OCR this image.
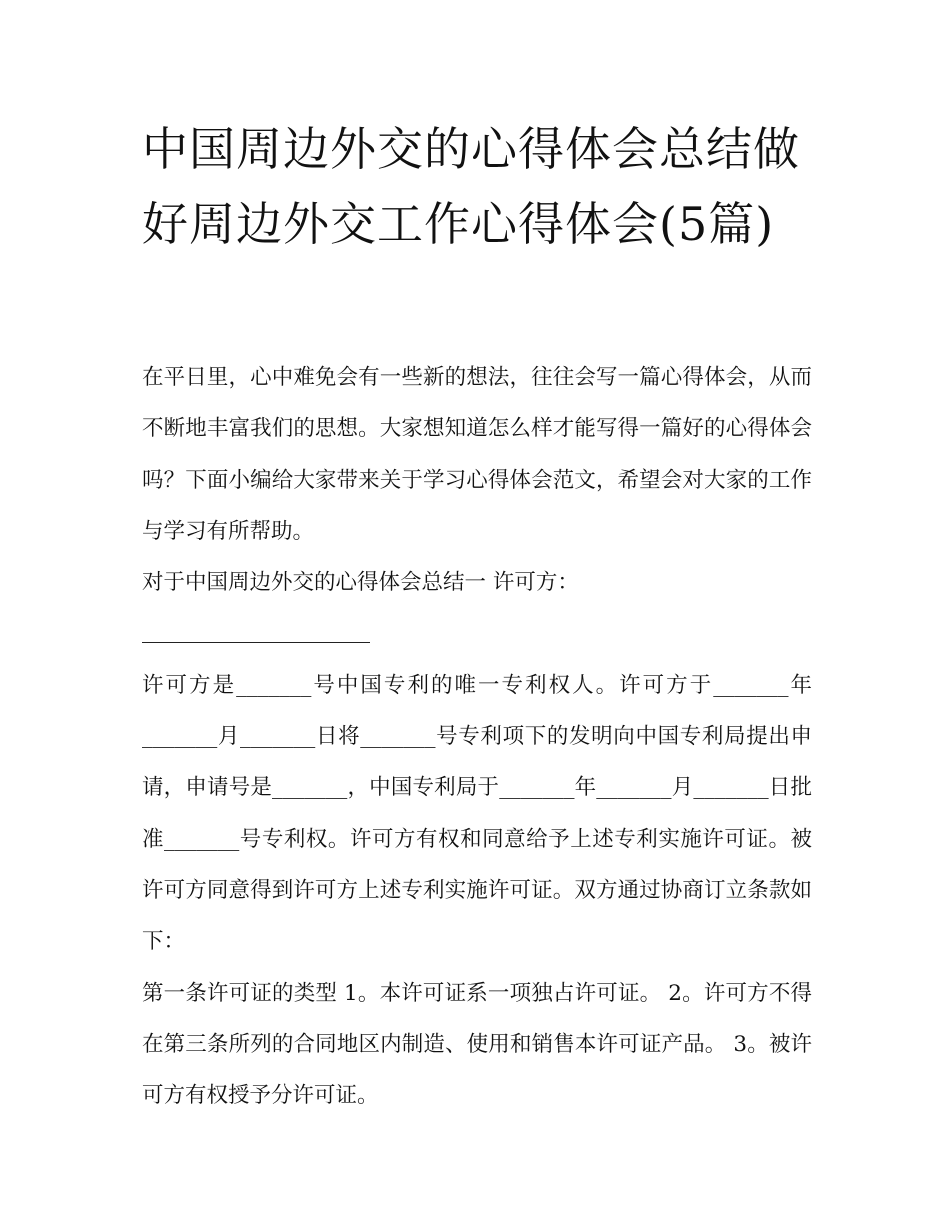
中国周边外交的心得体会总结做好周边外交工作心得体会(5篇)

在平日里，心中难免会有一些新的想法，往往会写一篇心得体会，从而不断地丰富我们的思想。大家想知道怎么样才能写得一篇好的心得体会吗？下面小编给大家带来关于学习心得体会范文，希望会对大家的工作与学习有所帮助。

对于中国周边外交的心得体会总结一 许可方：

许可方是_______号中国专利的唯一专利权人。许可方于_______年_______月_______日将_______号专利项下的发明向中国专利局提出申请，申请号是_______，中国专利局于_______年_______月_______日批准_______号专利权。许可方有权和同意给予上述专利实施许可证。被许可方同意得到许可方上述专利实施许可证。双方通过协商订立条款如下：

第一条许可证的类型 1。本许可证系一项独占许可证。 2。许可方不得在第三条所列的合同地区内制造、使用和销售本许可证产品。 3。被许可方有权授予分许可证。
